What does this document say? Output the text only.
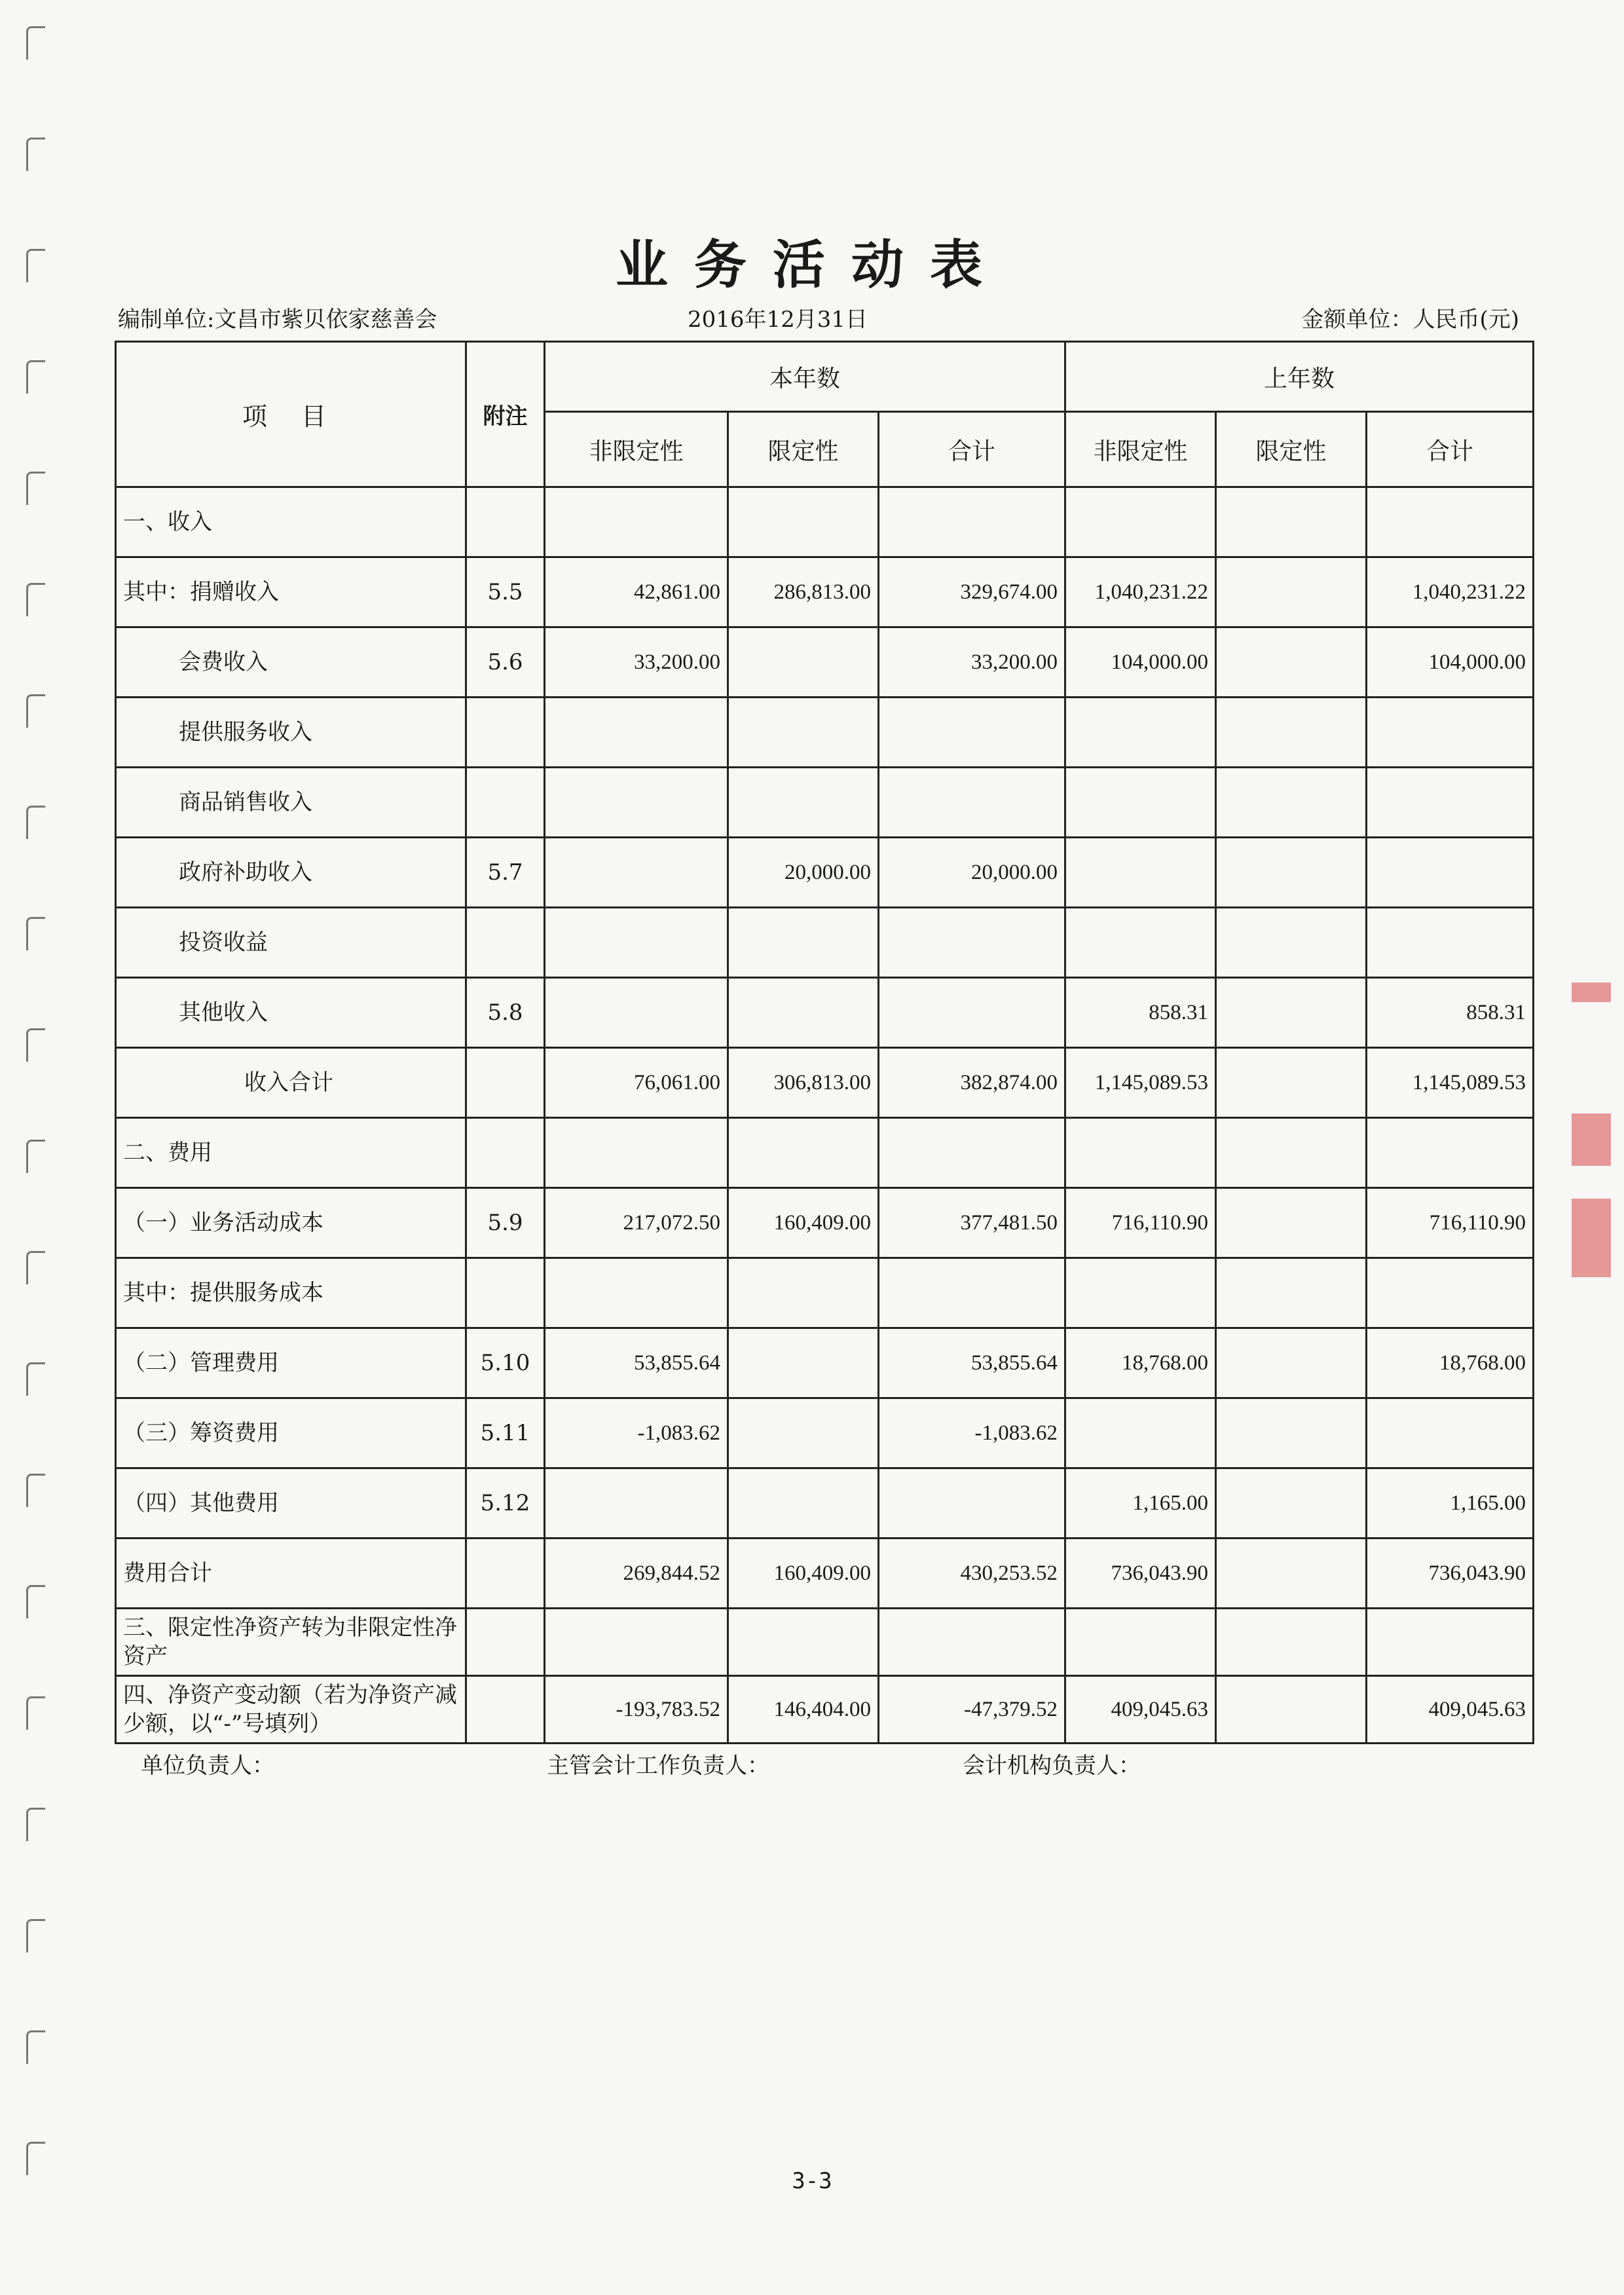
业务活动表
编制单位:文昌市紫贝依家慈善会	2016年12月31日	金额单位：人民币(元)
项 目	附注	本年数			上年数		
		非限定性	限定性	合计	非限定性	限定性	合计
一、收入							
其中：捐赠收入	5.5	42,861.00	286,813.00	329,674.00	1,040,231.22		1,040,231.22
会费收入	5.6	33,200.00		33,200.00	104,000.00		104,000.00
提供服务收入							
商品销售收入							
政府补助收入	5.7		20,000.00	20,000.00			
投资收益							
其他收入	5.8				858.31		858.31
收入合计		76,061.00	306,813.00	382,874.00	1,145,089.53		1,145,089.53
二、费用							
（一）业务活动成本	5.9	217,072.50	160,409.00	377,481.50	716,110.90		716,110.90
其中：提供服务成本							
（二）管理费用	5.10	53,855.64		53,855.64	18,768.00		18,768.00
（三）筹资费用	5.11	-1,083.62		-1,083.62			
（四）其他费用	5.12				1,165.00		1,165.00
费用合计		269,844.52	160,409.00	430,253.52	736,043.90		736,043.90
三、限定性净资产转为非限定性净资产							
四、净资产变动额（若为净资产减少额，以“-”号填列）		-193,783.52	146,404.00	-47,379.52	409,045.63		409,045.63
单位负责人：	主管会计工作负责人：	会计机构负责人：
3-3
